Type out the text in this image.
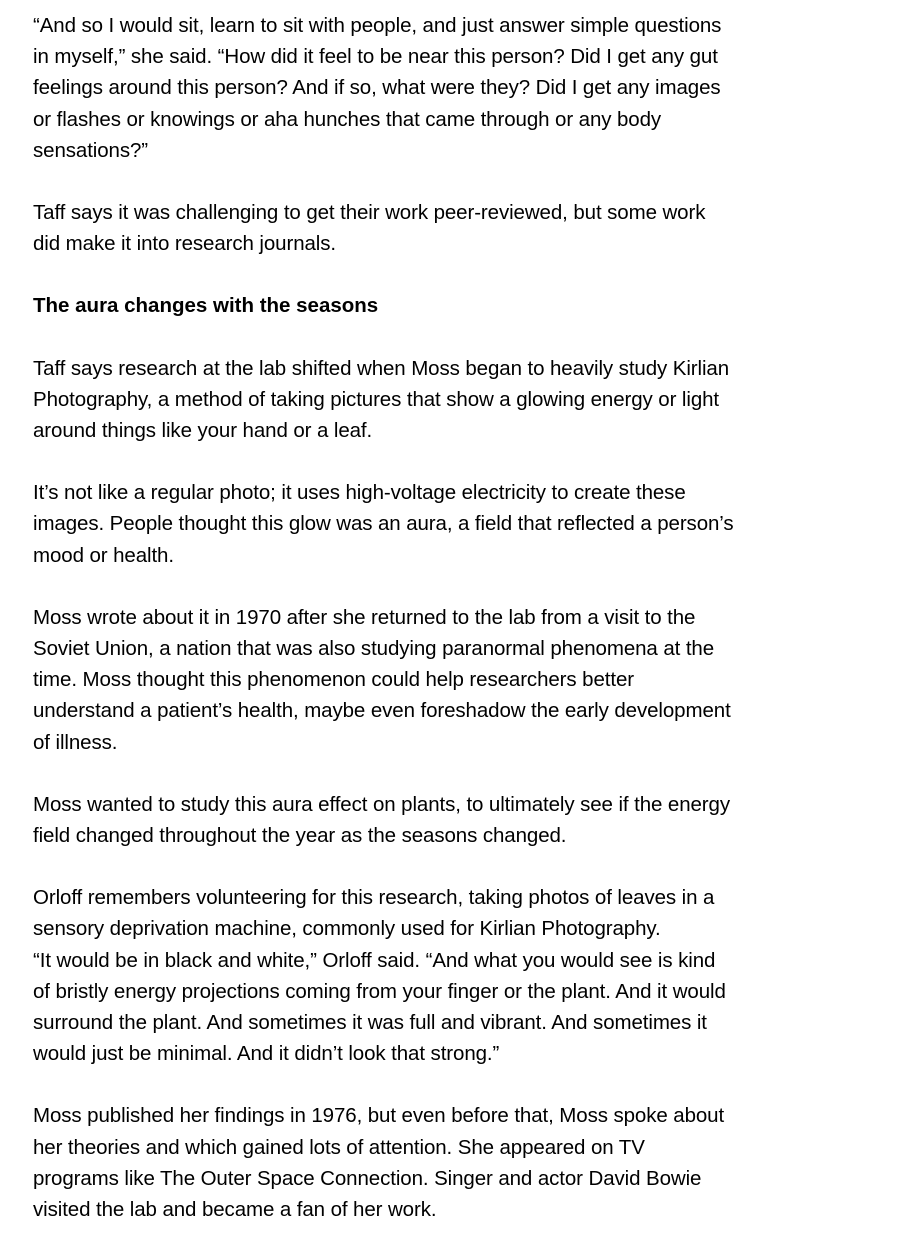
“And so I would sit, learn to sit with people, and just answer simple questions
in myself,” she said. “How did it feel to be near this person? Did I get any gut
feelings around this person? And if so, what were they? Did I get any images
or flashes or knowings or aha hunches that came through or any body
sensations?”

Taff says it was challenging to get their work peer-reviewed, but some work
did make it into research journals.

The aura changes with the seasons

Taff says research at the lab shifted when Moss began to heavily study Kirlian
Photography, a method of taking pictures that show a glowing energy or light
around things like your hand or a leaf.

It’s not like a regular photo; it uses high-voltage electricity to create these
images. People thought this glow was an aura, a field that reflected a person’s
mood or health.

Moss wrote about it in 1970 after she returned to the lab from a visit to the
Soviet Union, a nation that was also studying paranormal phenomena at the
time. Moss thought this phenomenon could help researchers better
understand a patient’s health, maybe even foreshadow the early development
of illness.

Moss wanted to study this aura effect on plants, to ultimately see if the energy
field changed throughout the year as the seasons changed.

Orloff remembers volunteering for this research, taking photos of leaves in a
sensory deprivation machine, commonly used for Kirlian Photography.
“It would be in black and white,” Orloff said. “And what you would see is kind
of bristly energy projections coming from your finger or the plant. And it would
surround the plant. And sometimes it was full and vibrant. And sometimes it
would just be minimal. And it didn’t look that strong.”

Moss published her findings in 1976, but even before that, Moss spoke about
her theories and which gained lots of attention. She appeared on TV
programs like The Outer Space Connection. Singer and actor David Bowie
visited the lab and became a fan of her work.
